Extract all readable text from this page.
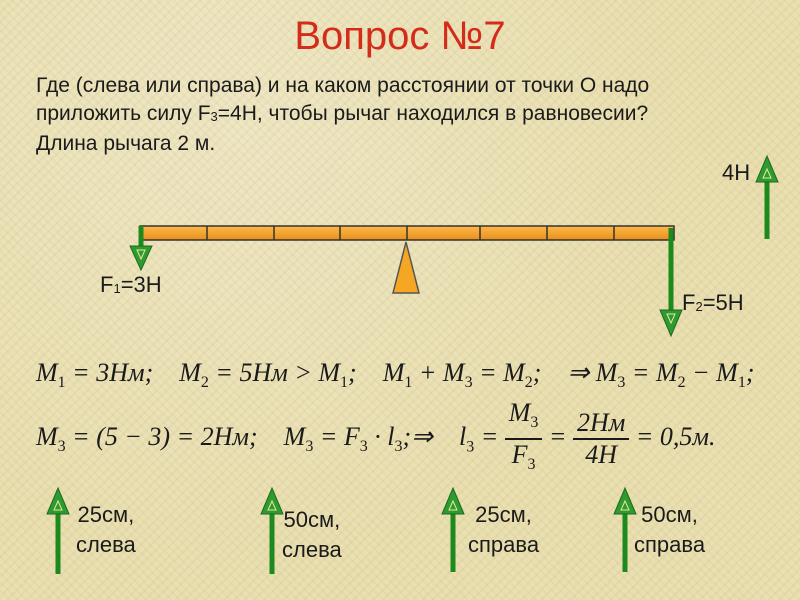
Вопрос №7

Где (слева или справа) и на каком расстоянии от точки О надо

приложить силу $F_3=4Н$, чтобы рычаг находился в равновесии?

Длина рычага 2 м.

$F_1=3Н$
$F_2=5Н$
4Н
$M_1 = 3Нм$; $M_2 = 5Нм > M_1$; $M_1 + M_3 = M_2$; ⇒ $M_3 = M_2 - M_1$;
$M_3 = (5 - 3) = 2Нм$; $M_3 = F_3$ · $l_3;\Rightarrow$ $l_3 = \frac{M_3}{F_3} = \frac{2Нм}{4Н} = 0,5м$.
25см,
слева
50см,
слева
25см,
справа
50см,
справа
